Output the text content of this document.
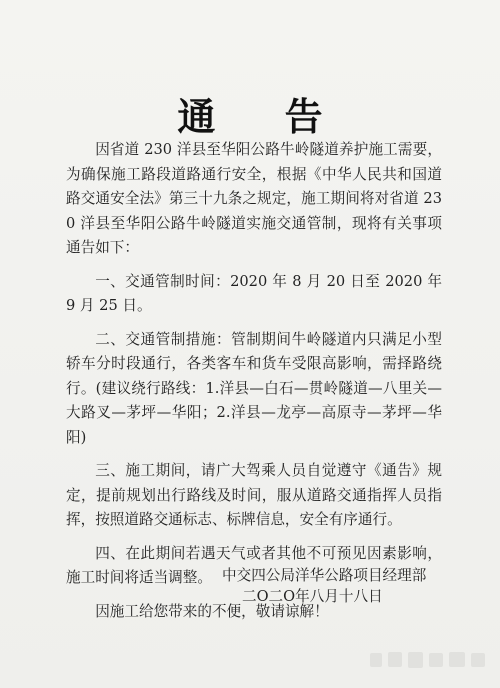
通 告

因省道 230 洋县至华阳公路牛岭隧道养护施工需要，为确保施工路段道路通行安全，根据《中华人民共和国道路交通安全法》第三十九条之规定，施工期间将对省道 230 洋县至华阳公路牛岭隧道实施交通管制，现将有关事项通告如下：

一、交通管制时间：2020 年 8 月 20 日至 2020 年 9 月 25 日。

二、交通管制措施：管制期间牛岭隧道内只满足小型轿车分时段通行，各类客车和货车受限高影响，需择路绕行。(建议绕行路线：1.洋县—白石—贯岭隧道—八里关—大路叉—茅坪—华阳；2.洋县—龙亭—高原寺—茅坪—华阳)

三、施工期间，请广大驾乘人员自觉遵守《通告》规定，提前规划出行路线及时间，服从道路交通指挥人员指挥，按照道路交通标志、标牌信息，安全有序通行。

四、在此期间若遇天气或者其他不可预见因素影响，施工时间将适当调整。

因施工给您带来的不便，敬请谅解！

中交四公局洋华公路项目经理部
二O二O年八月十八日
